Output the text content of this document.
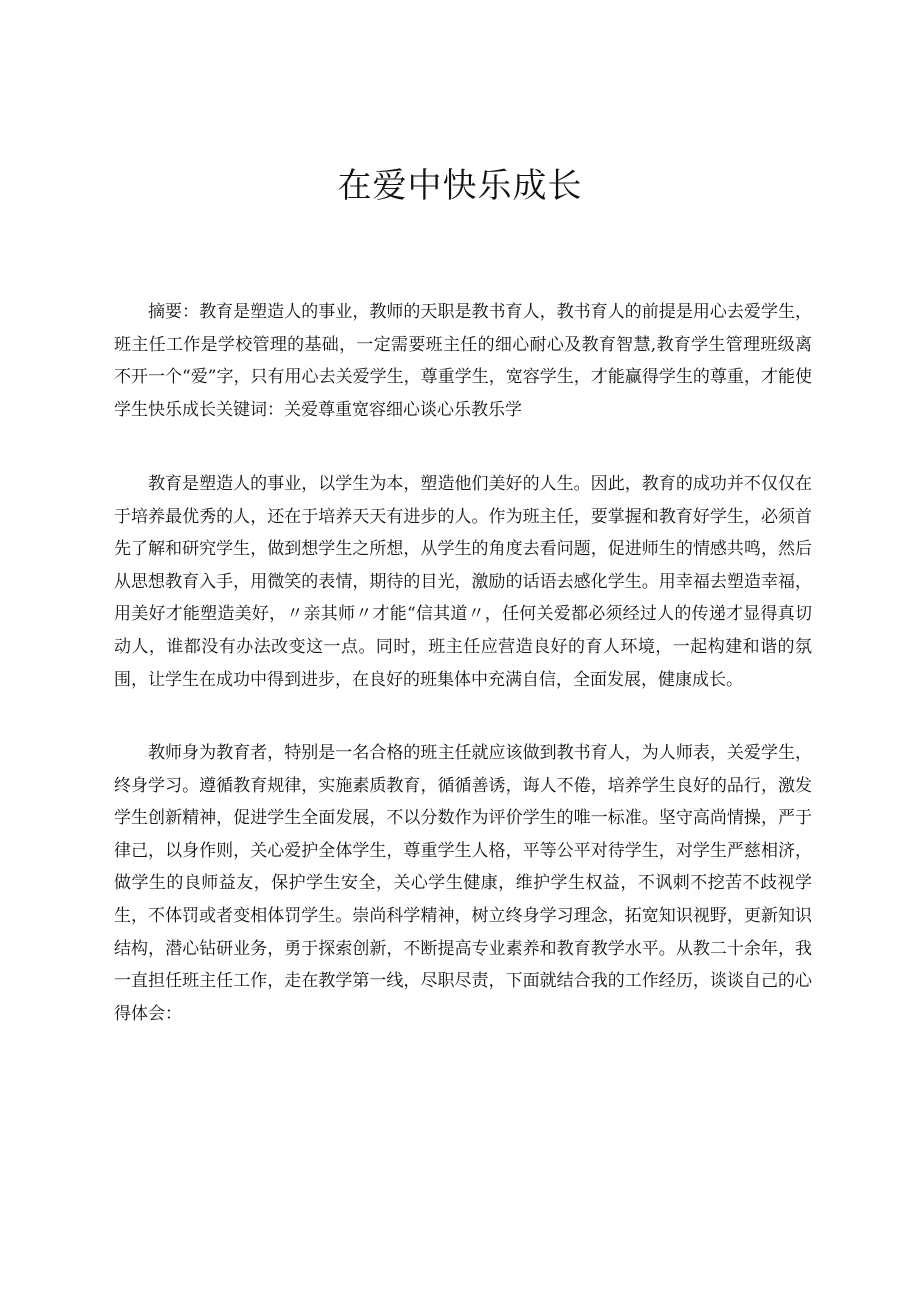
在爱中快乐成长

摘要：教育是塑造人的事业，教师的天职是教书育人，教书育人的前提是用心去爱学生，班主任工作是学校管理的基础，一定需要班主任的细心耐心及教育智慧,教育学生管理班级离不开一个“爱”字，只有用心去关爱学生，尊重学生，宽容学生，才能赢得学生的尊重，才能使学生快乐成长关键词：关爱尊重宽容细心谈心乐教乐学

教育是塑造人的事业，以学生为本，塑造他们美好的人生。因此，教育的成功并不仅仅在于培养最优秀的人，还在于培养天天有进步的人。作为班主任，要掌握和教育好学生，必须首先了解和研究学生，做到想学生之所想，从学生的角度去看问题，促进师生的情感共鸣，然后从思想教育入手，用微笑的表情，期待的目光，激励的话语去感化学生。用幸福去塑造幸福，用美好才能塑造美好，〃亲其师〃才能“信其道〃，任何关爱都必须经过人的传递才显得真切动人，谁都没有办法改变这一点。同时，班主任应营造良好的育人环境，一起构建和谐的氛围，让学生在成功中得到进步，在良好的班集体中充满自信，全面发展，健康成长。

教师身为教育者，特别是一名合格的班主任就应该做到教书育人，为人师表，关爱学生，终身学习。遵循教育规律，实施素质教育，循循善诱，诲人不倦，培养学生良好的品行，激发学生创新精神，促进学生全面发展，不以分数作为评价学生的唯一标准。坚守高尚情操，严于律己，以身作则，关心爱护全体学生，尊重学生人格，平等公平对待学生，对学生严慈相济，做学生的良师益友，保护学生安全，关心学生健康，维护学生权益，不讽刺不挖苦不歧视学生，不体罚或者变相体罚学生。崇尚科学精神，树立终身学习理念，拓宽知识视野，更新知识结构，潜心钻研业务，勇于探索创新，不断提高专业素养和教育教学水平。从教二十余年，我一直担任班主任工作，走在教学第一线，尽职尽责，下面就结合我的工作经历，谈谈自己的心得体会：
